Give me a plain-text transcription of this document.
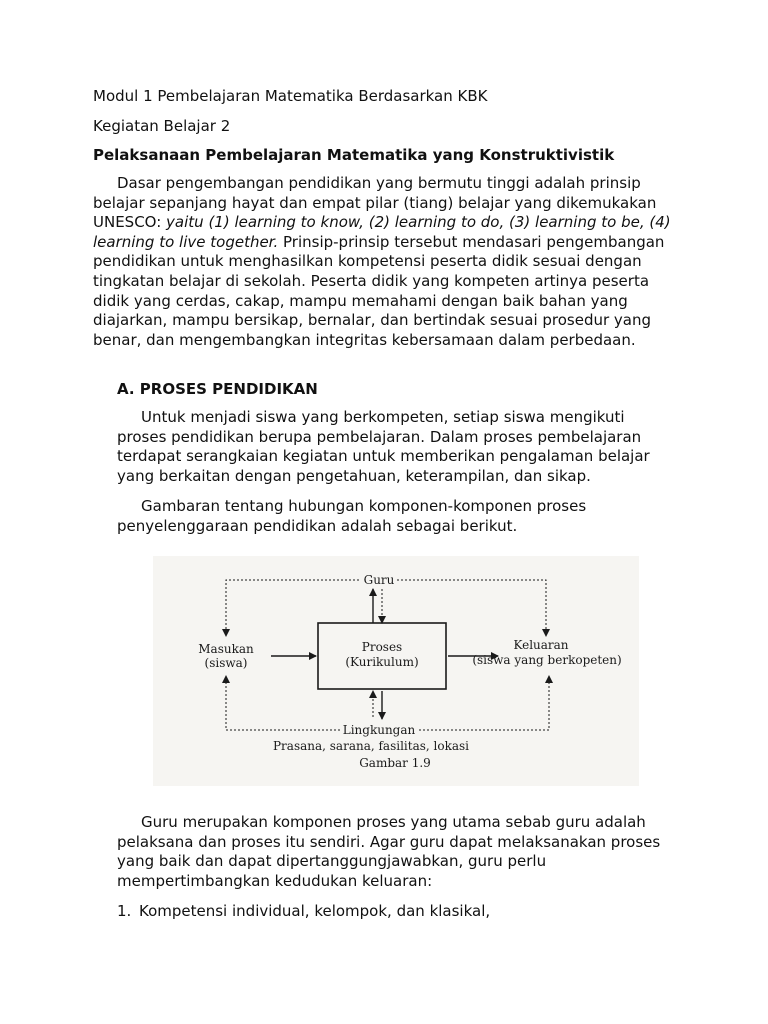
Modul 1 Pembelajaran Matematika Berdasarkan KBK
Kegiatan Belajar 2
Pelaksanaan Pembelajaran Matematika yang Konstruktivistik

Dasar pengembangan pendidikan yang bermutu tinggi adalah prinsip belajar sepanjang hayat dan empat pilar (tiang) belajar yang dikemukakan UNESCO: yaitu (1) learning to know, (2) learning to do, (3) learning to be, (4) learning to live together. Prinsip-prinsip tersebut mendasari pengembangan pendidikan untuk menghasilkan kompetensi peserta didik sesuai dengan tingkatan belajar di sekolah. Peserta didik yang kompeten artinya peserta didik yang cerdas, cakap, mampu memahami dengan baik bahan yang diajarkan, mampu bersikap, bernalar, dan bertindak sesuai prosedur yang benar, dan mengembangkan integritas kebersamaan dalam perbedaan.

A. PROSES PENDIDIKAN

Untuk menjadi siswa yang berkompeten, setiap siswa mengikuti proses pendidikan berupa pembelajaran. Dalam proses pembelajaran terdapat serangkaian kegiatan untuk memberikan pengalaman belajar yang berkaitan dengan pengetahuan, keterampilan, dan sikap.

Gambaran tentang hubungan komponen-komponen proses penyelenggaraan pendidikan adalah sebagai berikut.

Guru
Masukan
(siswa)
Proses
(Kurikulum)
Keluaran
(siswa yang berkopeten)
Lingkungan
Prasana, sarana, fasilitas, lokasi
Gambar 1.9

Guru merupakan komponen proses yang utama sebab guru adalah pelaksana dan proses itu sendiri. Agar guru dapat melaksanakan proses yang baik dan dapat dipertanggungjawabkan, guru perlu mempertimbangkan kedudukan keluaran:

1. Kompetensi individual, kelompok, dan klasikal,
